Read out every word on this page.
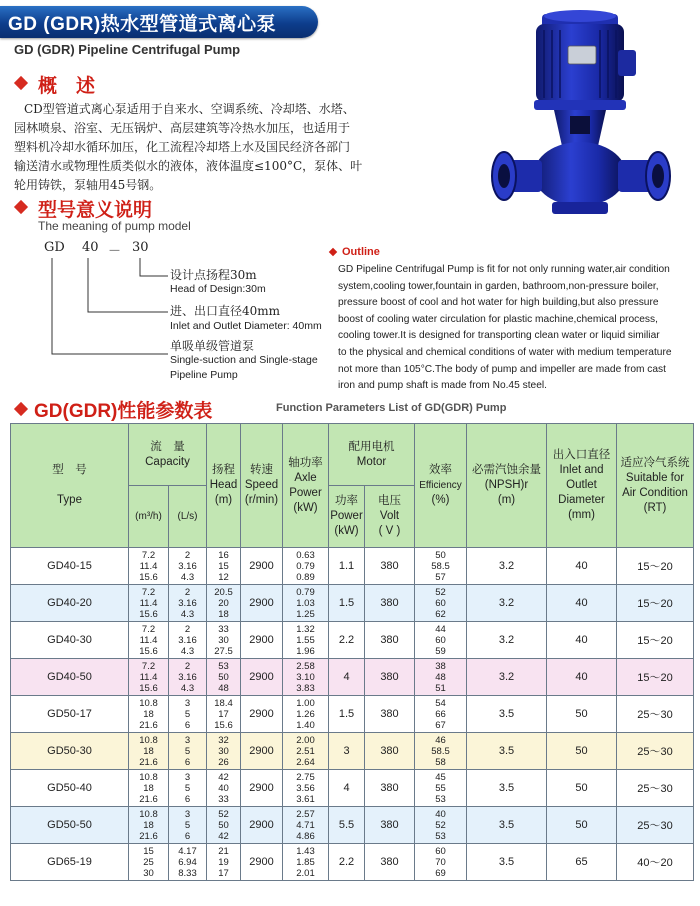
GD (GDR)热水型管道式离心泵
GD (GDR) Pipeline Centrifugal Pump
概　述

CD型管道式离心泵适用于自来水、空调系统、冷却塔、水塔、

园林喷泉、浴室、无压锅炉、高层建筑等冷热水加压，也适用于

塑料机冷却水循环加压，化工流程冷却塔上水及国民经济各部门

输送清水或物理性质类似水的液体，液体温度≤100°C，泵体、叶

轮用铸铁，泵轴用45号钢。

型号意义说明
The meaning of pump model
GD 40 － 30
设计点扬程30m
Head of Design:30m
进、出口直径40mm
Inlet and Outlet Diameter: 40mm
单吸单级管道泵
Single-suction and Single-stage
Pipeline Pump
Outline

GD Pipeline Centrifugal Pump is fit for not only running water,air condition

system,cooling tower,fountain in garden, bathroom,non-pressure boiler,

pressure boost of cool and hot water for high building,but also pressure

boost of cooling water circulation for plastic machine,chemical process,

cooling tower.It is designed for transporting clean water or liquid similiar

to the physical and chemical conditions of water with medium temperature

not more than 105°C.The body of pump and impeller are made from cast

iron and pump shaft is made from No.45 steel.

GD(GDR)性能参数表	Function Parameters List of GD(GDR) Pump
型　号

Type	流　量
Capacity		扬程
Head
(m)	转速
Speed
(r/min)	轴功率
Axle
Power
(kW)	配用电机
Motor		效率
Efficiency
(%)	必需汽蚀余量
(NPSH)r
(m)	出入口直径
Inlet and
Outlet
Diameter
(mm)	适应冷气系统
Suitable for
Air Condition
(RT)
	(m³/h)	(L/s)				功率
Power
(kW)	电压
Volt
( V )				
GD40-15	7.2
11.4
15.6	2
3.16
4.3	16
15
12	2900	0.63
0.79
0.89	1.1	380	50
58.5
57	3.2	40	15～20
GD40-20	7.2
11.4
15.6	2
3.16
4.3	20.5
20
18	2900	0.79
1.03
1.25	1.5	380	52
60
62	3.2	40	15～20
GD40-30	7.2
11.4
15.6	2
3.16
4.3	33
30
27.5	2900	1.32
1.55
1.96	2.2	380	44
60
59	3.2	40	15～20
GD40-50	7.2
11.4
15.6	2
3.16
4.3	53
50
48	2900	2.58
3.10
3.83	4	380	38
48
51	3.2	40	15～20
GD50-17	10.8
18
21.6	3
5
6	18.4
17
15.6	2900	1.00
1.26
1.40	1.5	380	54
66
67	3.5	50	25～30
GD50-30	10.8
18
21.6	3
5
6	32
30
26	2900	2.00
2.51
2.64	3	380	46
58.5
58	3.5	50	25～30
GD50-40	10.8
18
21.6	3
5
6	42
40
33	2900	2.75
3.56
3.61	4	380	45
55
53	3.5	50	25～30
GD50-50	10.8
18
21.6	3
5
6	52
50
42	2900	2.57
4.71
4.86	5.5	380	40
52
53	3.5	50	25～30
GD65-19	15
25
30	4.17
6.94
8.33	21
19
17	2900	1.43
1.85
2.01	2.2	380	60
70
69	3.5	65	40～20
